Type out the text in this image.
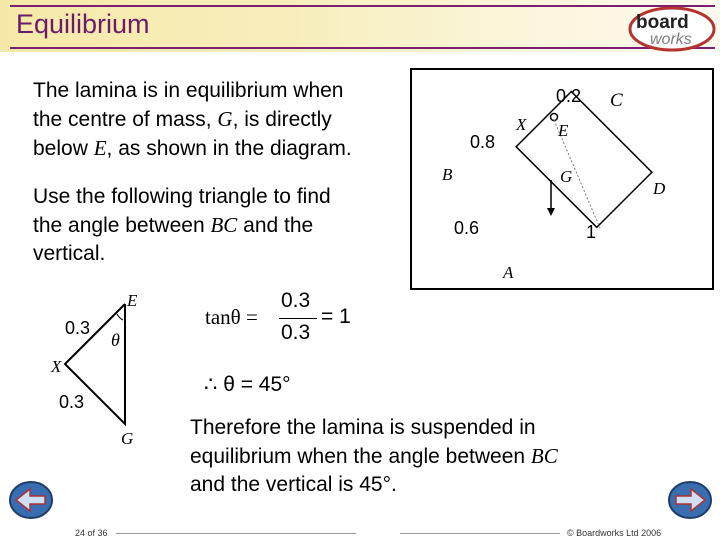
Equilibrium	board
works
The lamina is in equilibrium when
the centre of mass, G, is directly
below E, as shown in the diagram.
Use the following triangle to find
the angle between BC and the
vertical.
0.2 C
X E
0.8
B	G
D
0.6	1
A
E
0.3
θ
X
0.3
G
tanθ =
0.3
0.3
= 1
∴ θ = 45°
Therefore the lamina is suspended in
equilibrium when the angle between BC
and the vertical is 45°.
24 of 36	© Boardworks Ltd 2006
